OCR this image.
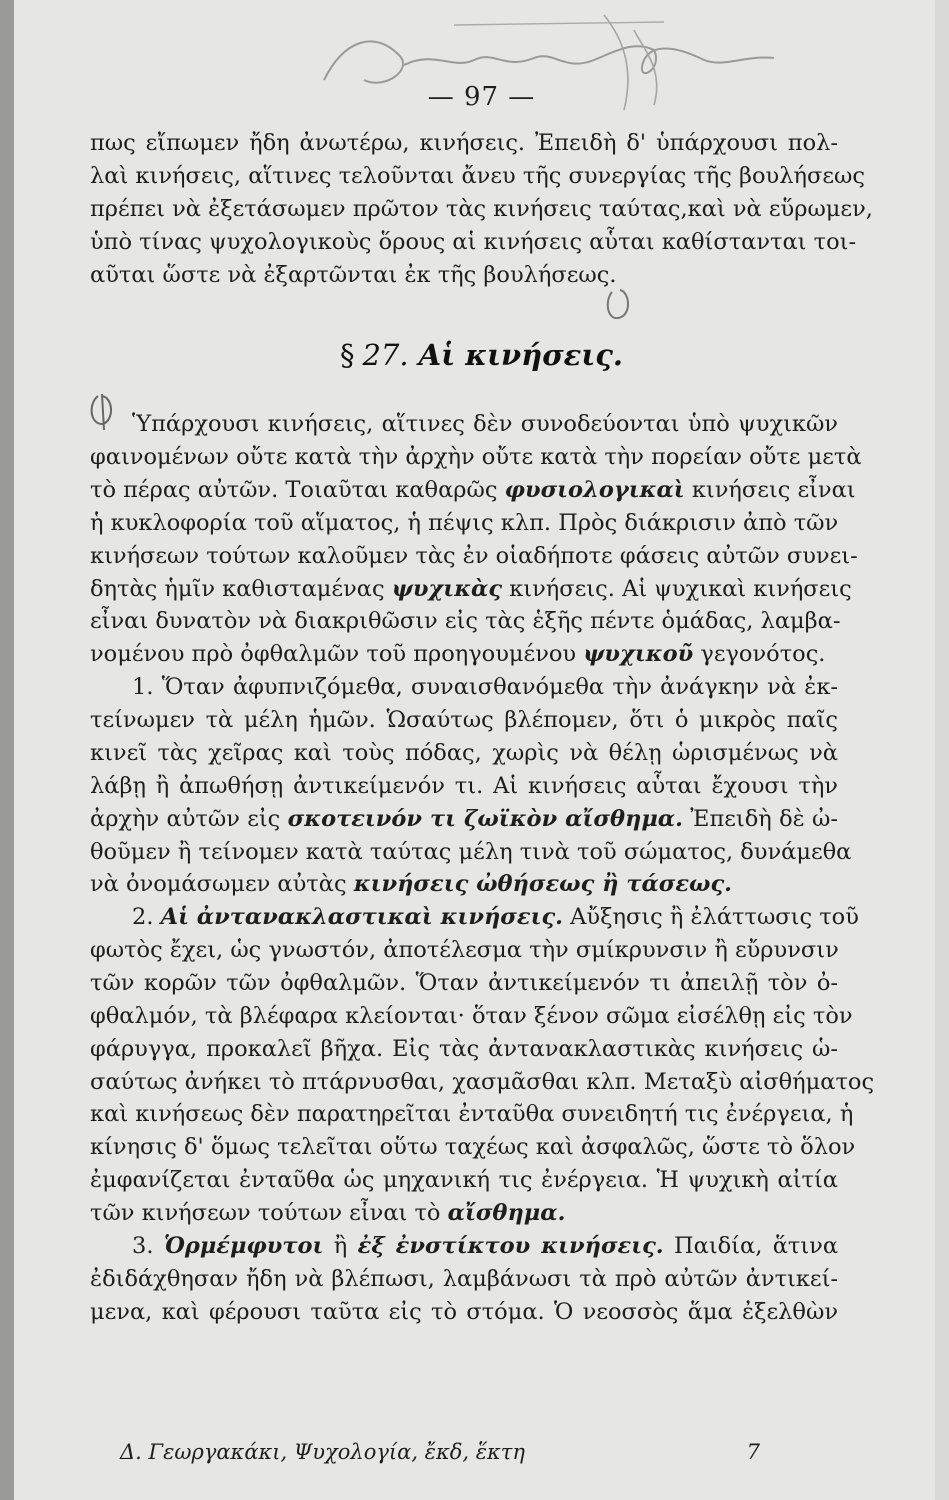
— 97 —
πως εἴπωμεν ἤδη ἀνωτέρω, κινήσεις. Ἐπειδὴ δ' ὑπάρχουσι πολ-
λαὶ κινήσεις, αἵτινες τελοῦνται ἄνευ τῆς συνεργίας τῆς βουλήσεως
πρέπει νὰ ἐξετάσωμεν πρῶτον τὰς κινήσεις ταύτας,καὶ νὰ εὕρωμεν,
ὑπὸ τίνας ψυχολογικοὺς ὅρους αἱ κινήσεις αὗται καθίστανται τοι-
αῦται ὥστε νὰ ἐξαρτῶνται ἐκ τῆς βουλήσεως.
§ 27. Αἱ κινήσεις.
Ὑπάρχουσι κινήσεις, αἵτινες δὲν συνοδεύονται ὑπὸ ψυχικῶν
φαινομένων οὔτε κατὰ τὴν ἀρχὴν οὔτε κατὰ τὴν πορείαν οὔτε μετὰ
τὸ πέρας αὐτῶν. Τοιαῦται καθαρῶς φυσιολογικαὶ κινήσεις εἶναι
ἡ κυκλοφορία τοῦ αἵματος, ἡ πέψις κλπ. Πρὸς διάκρισιν ἀπὸ τῶν
κινήσεων τούτων καλοῦμεν τὰς ἐν οἱαδήποτε φάσεις αὐτῶν συνει-
δητὰς ἡμῖν καθισταμένας ψυχικὰς κινήσεις. Αἱ ψυχικαὶ κινήσεις
εἶναι δυνατὸν νὰ διακριθῶσιν εἰς τὰς ἑξῆς πέντε ὁμάδας, λαμβα-
νομένου πρὸ ὀφθαλμῶν τοῦ προηγουμένου ψυχικοῦ γεγονότος.
1. Ὅταν ἀφυπνιζόμεθα, συναισθανόμεθα τὴν ἀνάγκην νὰ ἐκ-
τείνωμεν τὰ μέλη ἡμῶν. Ὡσαύτως βλέπομεν, ὅτι ὁ μικρὸς παῖς
κινεῖ τὰς χεῖρας καὶ τοὺς πόδας, χωρὶς νὰ θέλῃ ὡρισμένως νὰ
λάβῃ ἢ ἀπωθήσῃ ἀντικείμενόν τι. Αἱ κινήσεις αὗται ἔχουσι τὴν
ἀρχὴν αὐτῶν εἰς σκοτεινόν τι ζωϊκὸν αἴσθημα. Ἐπειδὴ δὲ ὠ-
θοῦμεν ἢ τείνομεν κατὰ ταύτας μέλη τινὰ τοῦ σώματος, δυνάμεθα
νὰ ὀνομάσωμεν αὐτὰς κινήσεις ὠθήσεως ἢ τάσεως.
2. Αἱ ἀντανακλαστικαὶ κινήσεις. Αὔξησις ἢ ἐλάττωσις τοῦ
φωτὸς ἔχει, ὡς γνωστόν, ἀποτέλεσμα τὴν σμίκρυνσιν ἢ εὔρυνσιν
τῶν κορῶν τῶν ὀφθαλμῶν. Ὅταν ἀντικείμενόν τι ἀπειλῇ τὸν ὀ-
φθαλμόν, τὰ βλέφαρα κλείονται· ὅταν ξένον σῶμα εἰσέλθῃ εἰς τὸν
φάρυγγα, προκαλεῖ βῆχα. Εἰς τὰς ἀντανακλαστικὰς κινήσεις ὡ-
σαύτως ἀνήκει τὸ πτάρνυσθαι, χασμᾶσθαι κλπ. Μεταξὺ αἰσθήματος
καὶ κινήσεως δὲν παρατηρεῖται ἐνταῦθα συνειδητή τις ἐνέργεια, ἡ
κίνησις δ' ὅμως τελεῖται οὕτω ταχέως καὶ ἀσφαλῶς, ὥστε τὸ ὅλον
ἐμφανίζεται ἐνταῦθα ὡς μηχανική τις ἐνέργεια. Ἡ ψυχικὴ αἰτία
τῶν κινήσεων τούτων εἶναι τὸ αἴσθημα.
3. Ὁρμέμφυτοι ἢ ἐξ ἐνστίκτου κινήσεις. Παιδία, ἅτινα
ἐδιδάχθησαν ἤδη νὰ βλέπωσι, λαμβάνωσι τὰ πρὸ αὐτῶν ἀντικεί-
μενα, καὶ φέρουσι ταῦτα εἰς τὸ στόμα. Ὁ νεοσσὸς ἅμα ἐξελθὼν
Δ. Γεωργακάκι, Ψυχολογία, ἔκδ, ἕκτη	7
